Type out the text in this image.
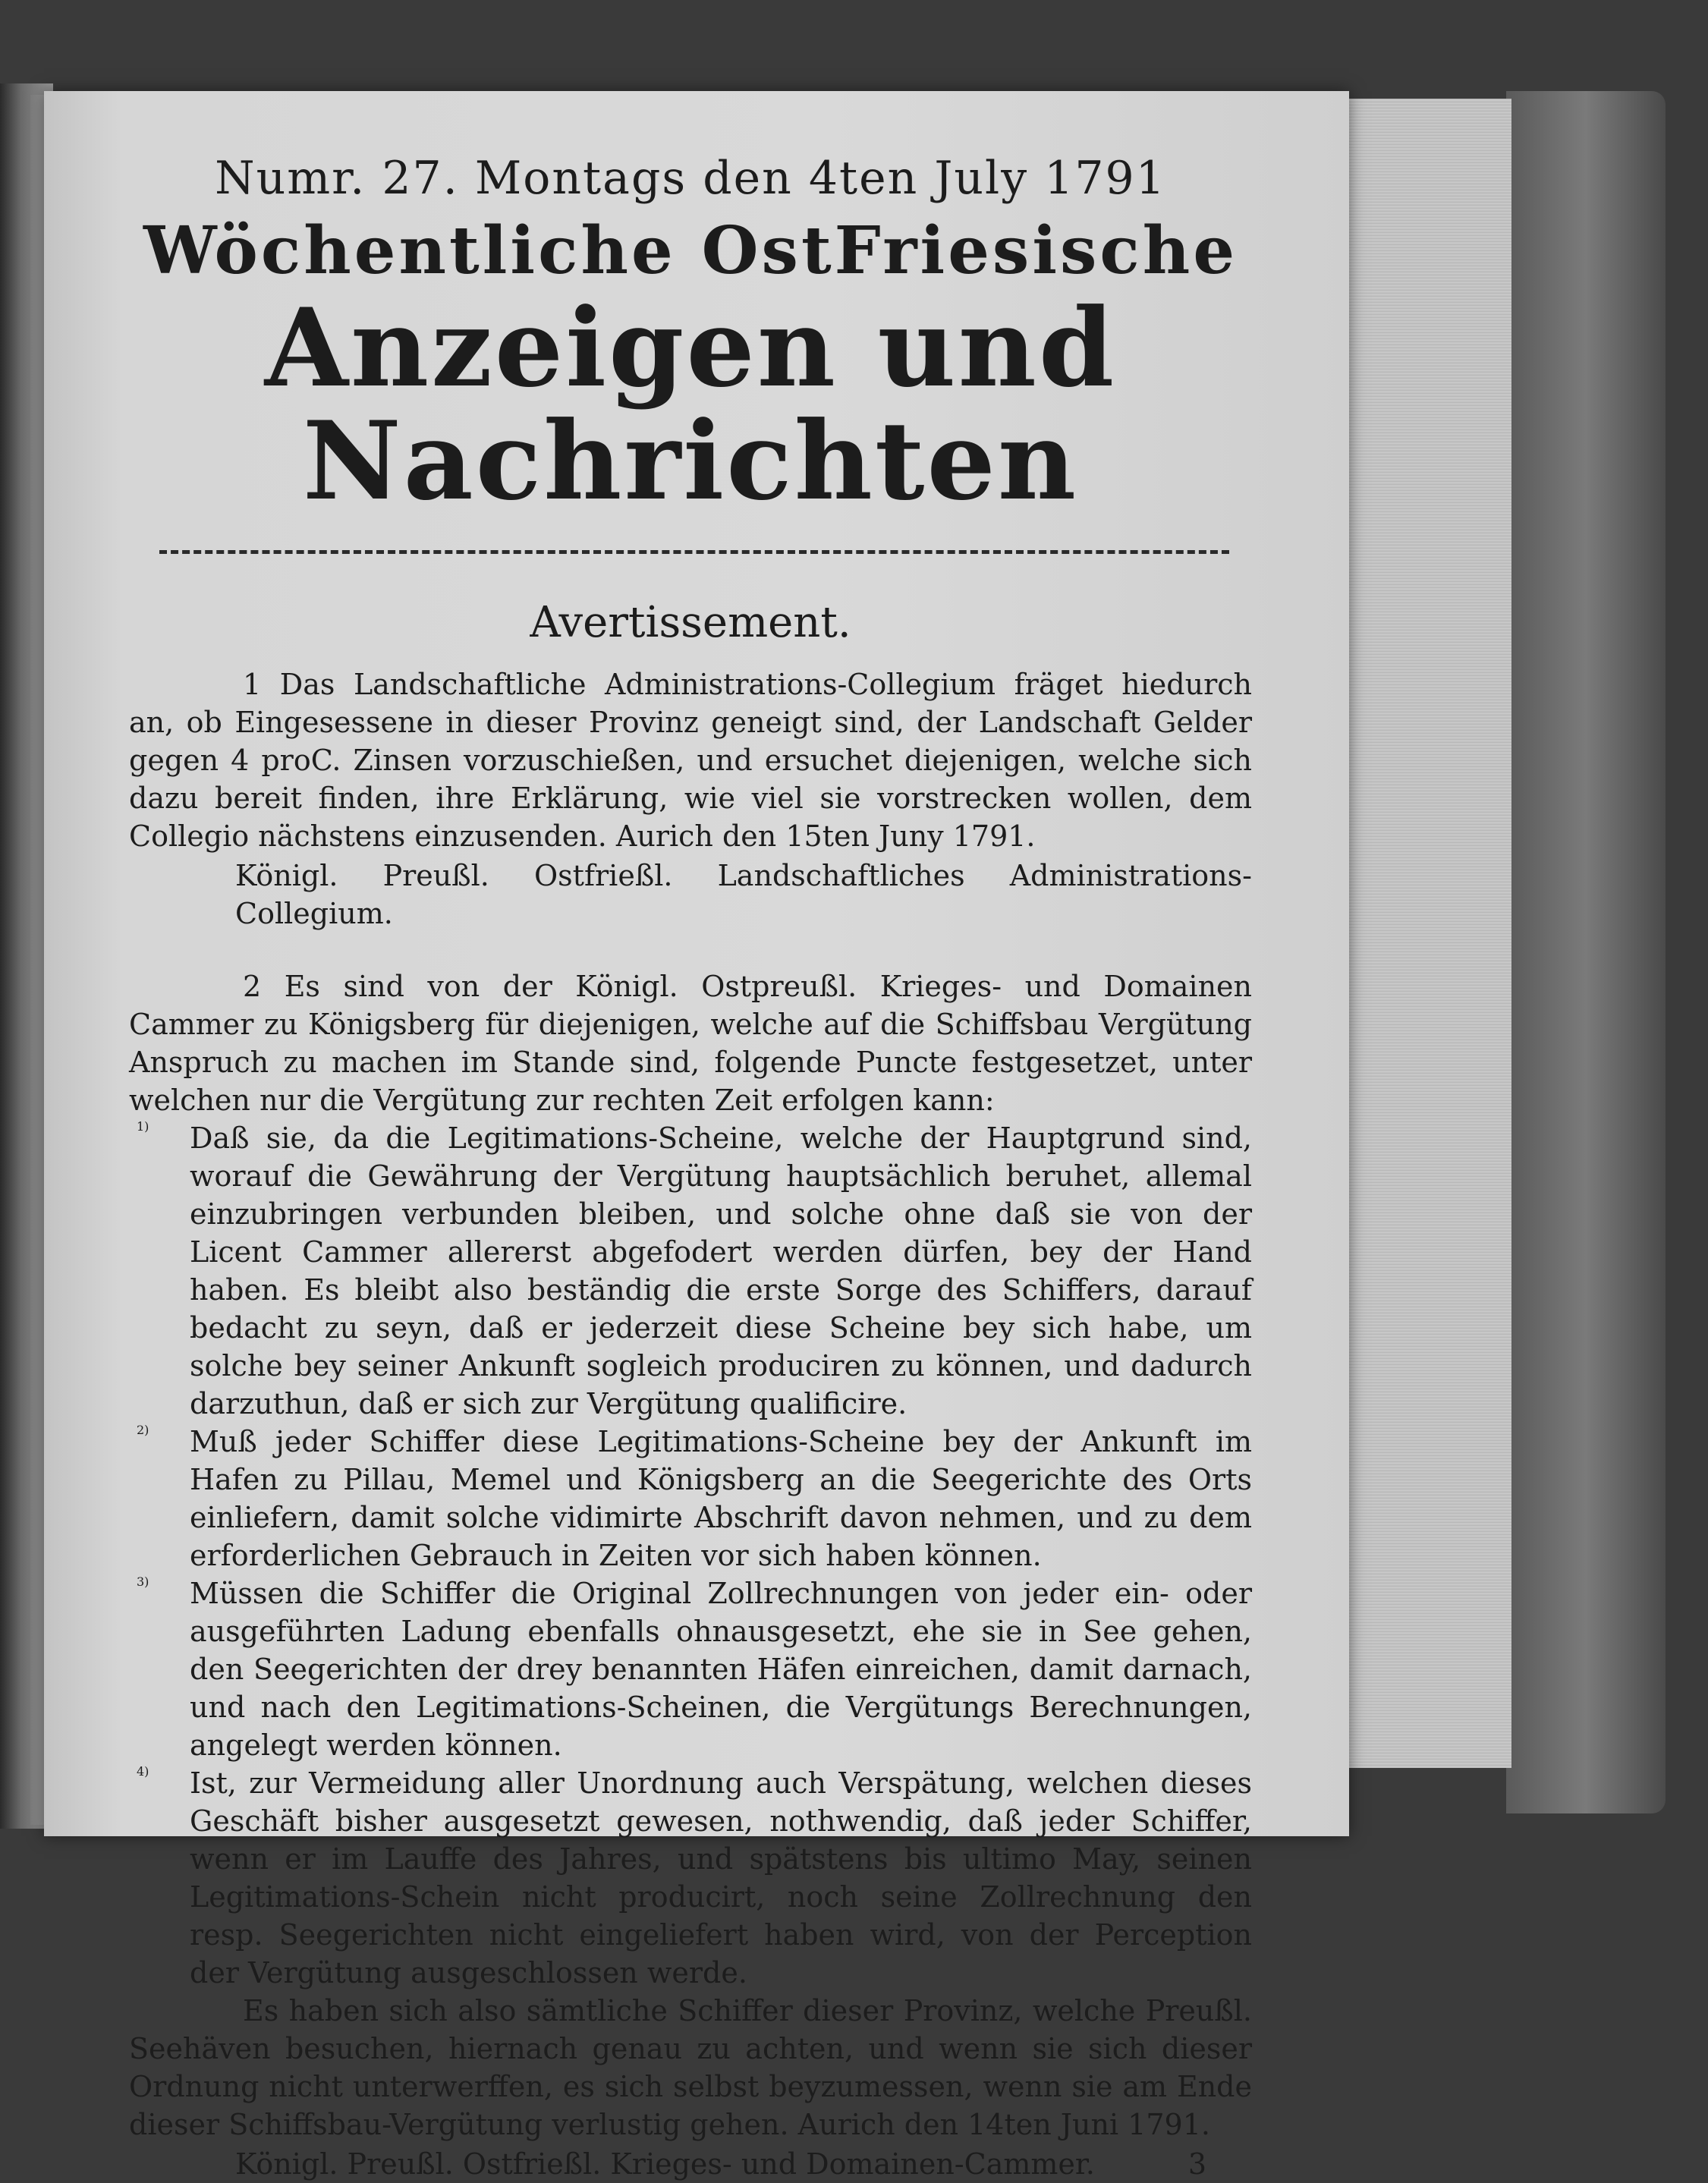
Numr. 27. Montags den 4ten July 1791
Wöchentliche OstFriesische
Anzeigen und Nachrichten
Avertissement.

1 Das Landschaftliche Administrations-Collegium fräget hiedurch an, ob Eingesessene in dieser Provinz geneigt sind, der Landschaft Gelder gegen 4 proC. Zinsen vorzuschießen, und ersuchet diejenigen, welche sich dazu bereit finden, ihre Erklärung, wie viel sie vorstrecken wollen, dem Collegio nächstens einzusenden. Aurich den 15ten Juny 1791.

Königl. Preußl. Ostfrießl. Landschaftliches Administrations-Collegium.

2 Es sind von der Königl. Ostpreußl. Krieges- und Domainen Cammer zu Königsberg für diejenigen, welche auf die Schiffsbau Vergütung Anspruch zu machen im Stande sind, folgende Puncte festgesetzet, unter welchen nur die Vergütung zur rechten Zeit erfolgen kann:

1)	Daß sie, da die Legitimations-Scheine, welche der Hauptgrund sind, worauf die Gewährung der Vergütung hauptsächlich beruhet, allemal einzubringen verbunden bleiben, und solche ohne daß sie von der Licent Cammer allererst abgefodert werden dürfen, bey der Hand haben. Es bleibt also beständig die erste Sorge des Schiffers, darauf bedacht zu seyn, daß er jederzeit diese Scheine bey sich habe, um solche bey seiner Ankunft sogleich produciren zu können, und dadurch darzuthun, daß er sich zur Vergütung qualificire.

2)	Muß jeder Schiffer diese Legitimations-Scheine bey der Ankunft im Hafen zu Pillau, Memel und Königsberg an die Seegerichte des Orts einliefern, damit solche vidimirte Abschrift davon nehmen, und zu dem erforderlichen Gebrauch in Zeiten vor sich haben können.

3)	Müssen die Schiffer die Original Zollrechnungen von jeder ein- oder ausgeführten Ladung ebenfalls ohnausgesetzt, ehe sie in See gehen, den Seegerichten der drey benannten Häfen einreichen, damit darnach, und nach den Legitimations-Scheinen, die Vergütungs Berechnungen, angelegt werden können.

4)	Ist, zur Vermeidung aller Unordnung auch Verspätung, welchen dieses Geschäft bisher ausgesetzt gewesen, nothwendig, daß jeder Schiffer, wenn er im Lauffe des Jahres, und spätstens bis ultimo May, seinen Legitimations-Schein nicht producirt, noch seine Zollrechnung den resp. Seegerichten nicht eingeliefert haben wird, von der Perception der Vergütung ausgeschlossen werde.

Es haben sich also sämtliche Schiffer dieser Provinz, welche Preußl. Seehäven besuchen, hiernach genau zu achten, und wenn sie sich dieser Ordnung nicht unterwerffen, es sich selbst beyzumessen, wenn sie am Ende dieser Schiffsbau-Vergütung verlustig gehen. Aurich den 14ten Juni 1791.

Königl. Preußl. Ostfrießl. Krieges- und Domainen-Cammer.	3
